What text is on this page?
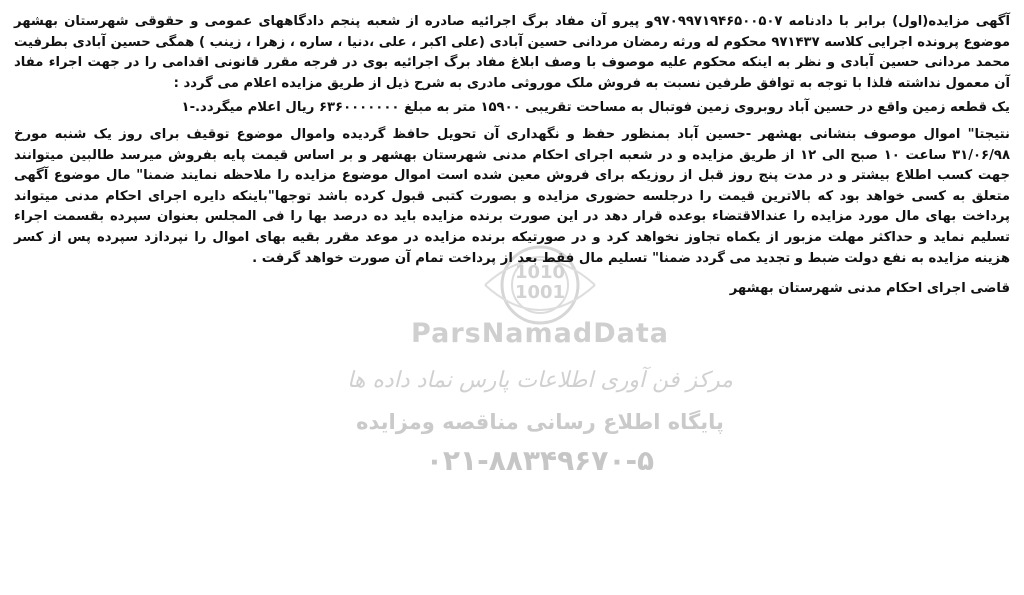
1010
1001
ParsNamadData
مرکز فن آوری اطلاعات پارس نماد داده ها
پایگاه اطلاع رسانی مناقصه ومزایده
۰۲۱-۸۸۳۴۹۶۷۰-۵

آگهی مزایده(اول) برابر با دادنامه ۹۷۰۹۹۷۱۹۴۶۵۰۰۵۰۷و پیرو آن مفاد برگ اجرائیه صادره از شعبه پنجم دادگاههای عمومی و حقوقی شهرستان بهشهر موضوع پرونده اجرایی کلاسه ۹۷۱۴۳۷ محکوم له ورثه رمضان مردانی حسین آبادی (علی اکبر ، علی ،دنیا ، ساره ، زهرا ، زینب ) همگی حسین آبادی بطرفیت محمد مردانی حسین آبادی و نظر به اینکه محکوم علیه موصوف با وصف ابلاغ مفاد برگ اجرائیه بوی در فرجه مقرر قانونی اقدامی را در جهت اجراء مفاد آن معمول نداشته فلذا با توجه به توافق طرفین نسبت به فروش ملک موروثی مادری به شرح ذیل از طریق مزایده اعلام می گردد :

یک قطعه زمین واقع در حسین آباد روبروی زمین فوتبال به مساحت تقریبی ۱۵۹۰۰ متر به مبلغ ۶۳۶۰۰۰۰۰۰۰ ریال اعلام میگردد.-۱

نتیجتا" اموال موصوف بنشانی بهشهر -حسین آباد بمنظور حفظ و نگهداری آن تحویل حافظ گردیده واموال موضوع توقیف برای روز یک شنبه مورخ ۳۱/۰۶/۹۸ ساعت ۱۰ صبح الی ۱۲ از طریق مزایده و در شعبه اجرای احکام مدنی شهرستان بهشهر و بر اساس قیمت پایه بفروش میرسد طالبین میتوانند جهت کسب اطلاع بیشتر و در مدت پنج روز قبل از روزیکه برای فروش معین شده است اموال موضوع مزایده را ملاحظه نمایند ضمنا" مال موضوع آگهی متعلق به کسی خواهد بود که بالاترین قیمت را درجلسه حضوری مزایده و بصورت کتبی قبول کرده باشد توجها"باینکه دایره اجرای احکام مدنی میتواند پرداخت بهای مال مورد مزایده را عندالاقتضاء بوعده قرار دهد در این صورت برنده مزایده باید ده درصد بها را فی المجلس بعنوان سپرده بقسمت اجراء تسلیم نماید و حداکثر مهلت مزبور از یکماه تجاوز نخواهد کرد و در صورتیکه برنده مزایده در موعد مقرر بقیه بهای اموال را نپردازد سپرده پس از کسر هزینه مزایده به نفع دولت ضبط و تجدید می گردد ضمنا" تسلیم مال فقط بعد از پرداخت تمام آن صورت خواهد گرفت .

قاضی اجرای احکام مدنی شهرستان بهشهر
